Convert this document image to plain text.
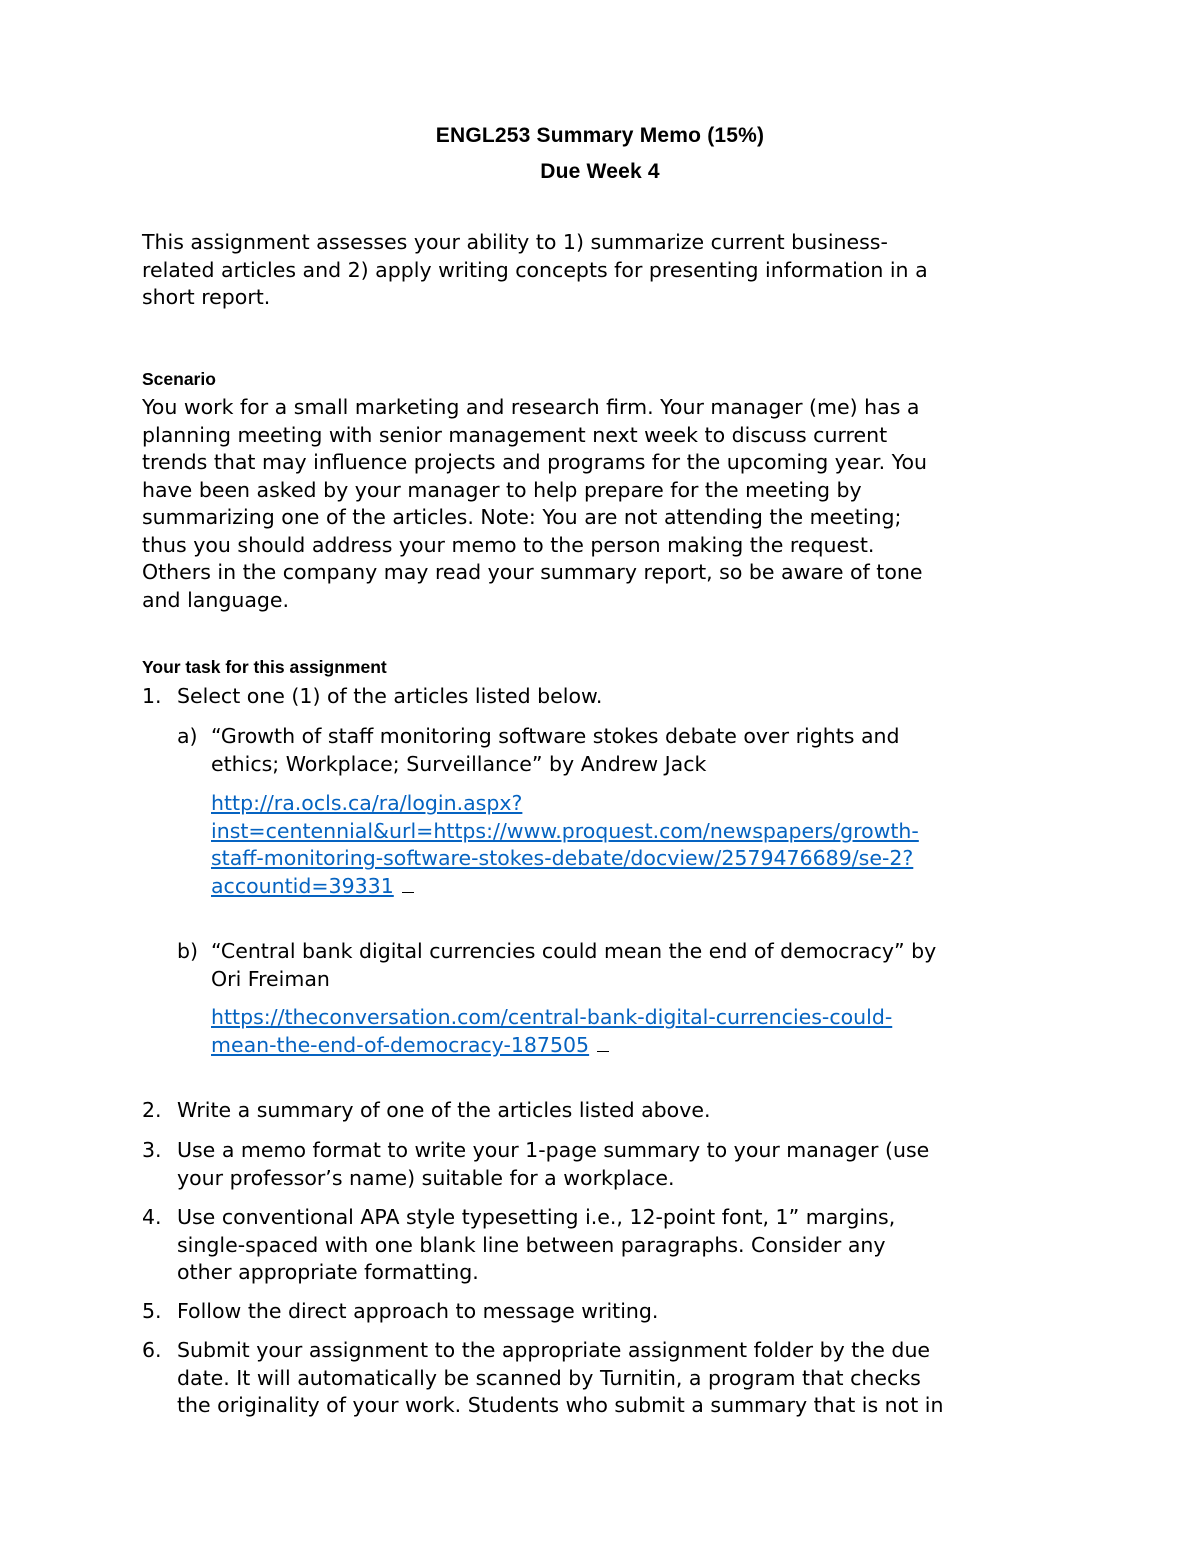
ENGL253 Summary Memo (15%)
Due Week 4
This assignment assesses your ability to 1) summarize current business-
related articles and 2) apply writing concepts for presenting information in a
short report.
Scenario
You work for a small marketing and research firm. Your manager (me) has a
planning meeting with senior management next week to discuss current
trends that may influence projects and programs for the upcoming year. You
have been asked by your manager to help prepare for the meeting by
summarizing one of the articles. Note: You are not attending the meeting;
thus you should address your memo to the person making the request.
Others in the company may read your summary report, so be aware of tone
and language.
Your task for this assignment
1. Select one (1) of the articles listed below.
a) “Growth of staff monitoring software stokes debate over rights and
ethics; Workplace; Surveillance” by Andrew Jack
http://ra.ocls.ca/ra/login.aspx?
inst=centennial&url=https://www.proquest.com/newspapers/growth-
staff-monitoring-software-stokes-debate/docview/2579476689/se-2?
accountid=39331
b) “Central bank digital currencies could mean the end of democracy” by
Ori Freiman
https://theconversation.com/central-bank-digital-currencies-could-
mean-the-end-of-democracy-187505
2. Write a summary of one of the articles listed above.
3. Use a memo format to write your 1-page summary to your manager (use
your professor’s name) suitable for a workplace.
4. Use conventional APA style typesetting i.e., 12-point font, 1” margins,
single-spaced with one blank line between paragraphs. Consider any
other appropriate formatting.
5. Follow the direct approach to message writing.
6. Submit your assignment to the appropriate assignment folder by the due
date. It will automatically be scanned by Turnitin, a program that checks
the originality of your work. Students who submit a summary that is not in
